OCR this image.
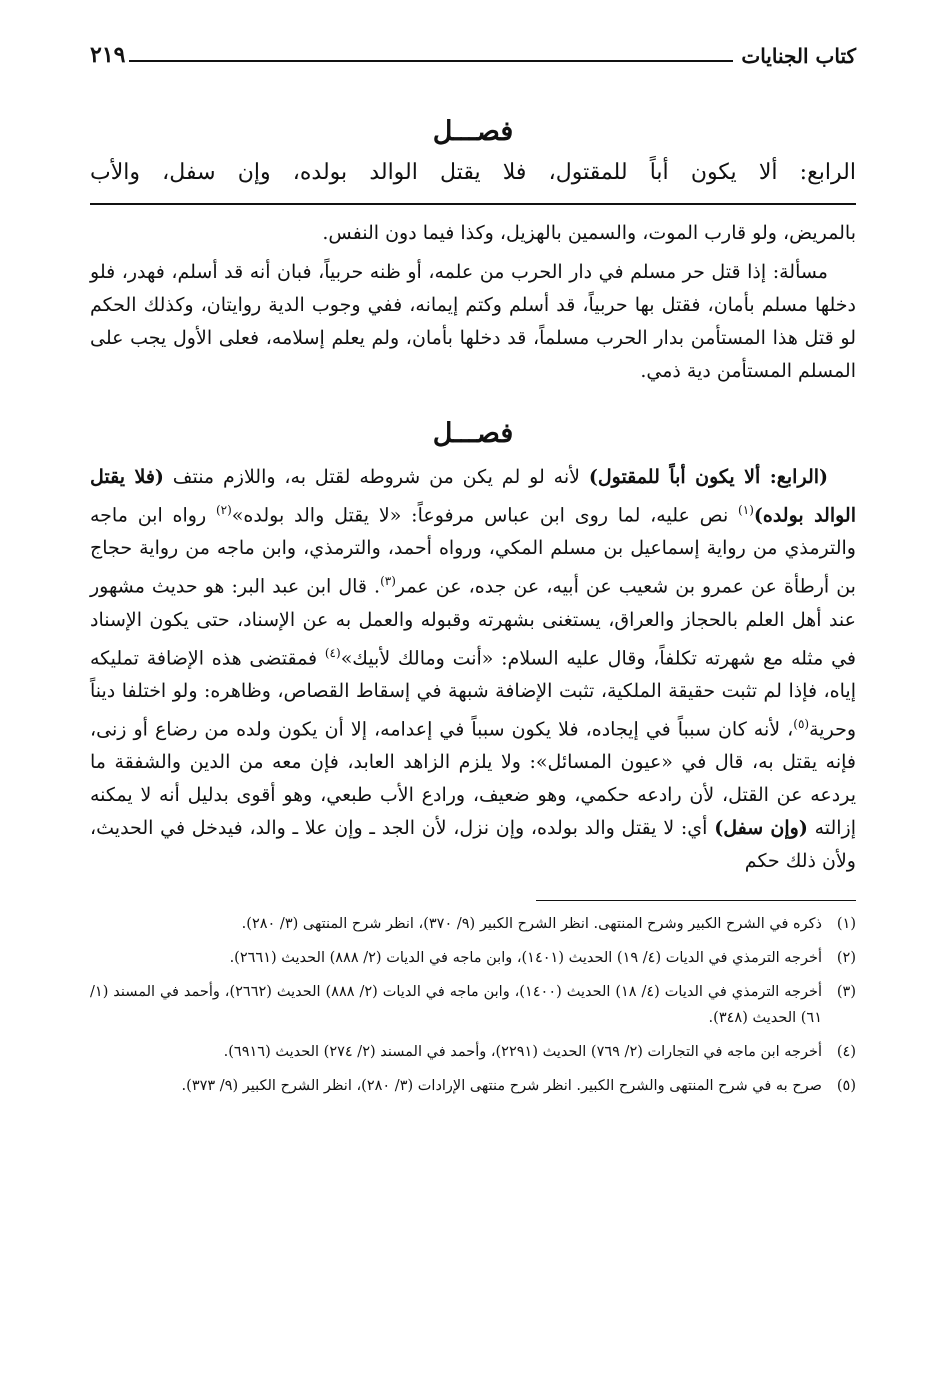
كتاب الجنايات
٢١٩
فصـــل

الرابع: ألا يكون أباً للمقتول، فلا يقتل الوالد بولده، وإن سفل، والأب

بالمريض، ولو قارب الموت، والسمين بالهزيل، وكذا فيما دون النفس.

مسألة: إذا قتل حر مسلم في دار الحرب من علمه، أو ظنه حربياً، فبان أنه قد أسلم، فهدر، فلو دخلها مسلم بأمان، فقتل بها حربياً، قد أسلم وكتم إيمانه، ففي وجوب الدية روايتان، وكذلك الحكم لو قتل هذا المستأمن بدار الحرب مسلماً، قد دخلها بأمان، ولم يعلم إسلامه، فعلى الأول يجب على المسلم المستأمن دية ذمي.

فصـــل

(الرابع: ألا يكون أباً للمقتول) لأنه لو لم يكن من شروطه لقتل به، واللازم منتف (فلا يقتل الوالد بولده)$^{(١)}$ نص عليه، لما روى ابن عباس مرفوعاً: «لا يقتل والد بولده»$^{(٢)}$ رواه ابن ماجه والترمذي من رواية إسماعيل بن مسلم المكي، ورواه أحمد، والترمذي، وابن ماجه من رواية حجاج بن أرطأة عن عمرو بن شعيب عن أبيه، عن جده، عن عمر$^{(٣)}$. قال ابن عبد البر: هو حديث مشهور عند أهل العلم بالحجاز والعراق، يستغنى بشهرته وقبوله والعمل به عن الإسناد، حتى يكون الإسناد في مثله مع شهرته تكلفاً، وقال عليه السلام: «أنت ومالك لأبيك»$^{(٤)}$ فمقتضى هذه الإضافة تمليكه إياه، فإذا لم تثبت حقيقة الملكية، تثبت الإضافة شبهة في إسقاط القصاص، وظاهره: ولو اختلفا ديناً وحرية$^{(٥)}$، لأنه كان سبباً في إيجاده، فلا يكون سبباً في إعدامه، إلا أن يكون ولده من رضاع أو زنى، فإنه يقتل به، قال في «عيون المسائل»: ولا يلزم الزاهد العابد، فإن معه من الدين والشفقة ما يردعه عن القتل، لأن رادعه حكمي، وهو ضعيف، ورادع الأب طبعي، وهو أقوى بدليل أنه لا يمكنه إزالته (وإن سفل) أي: لا يقتل والد بولده، وإن نزل، لأن الجد ـ وإن علا ـ والد، فيدخل في الحديث، ولأن ذلك حكم

(١)
ذكره في الشرح الكبير وشرح المنتهى. انظر الشرح الكبير (٩/ ٣٧٠)، انظر شرح المنتهى (٣/ ٢٨٠).
(٢)
أخرجه الترمذي في الديات (٤/ ١٩) الحديث (١٤٠١)، وابن ماجه في الديات (٢/ ٨٨٨) الحديث (٢٦٦١).
(٣)
أخرجه الترمذي في الديات (٤/ ١٨) الحديث (١٤٠٠)، وابن ماجه في الديات (٢/ ٨٨٨) الحديث (٢٦٦٢)، وأحمد في المسند (١/ ٦١) الحديث (٣٤٨).
(٤)
أخرجه ابن ماجه في التجارات (٢/ ٧٦٩) الحديث (٢٢٩١)، وأحمد في المسند (٢/ ٢٧٤) الحديث (٦٩١٦).
(٥)
صرح به في شرح المنتهى والشرح الكبير. انظر شرح منتهى الإرادات (٣/ ٢٨٠)، انظر الشرح الكبير (٩/ ٣٧٣).
